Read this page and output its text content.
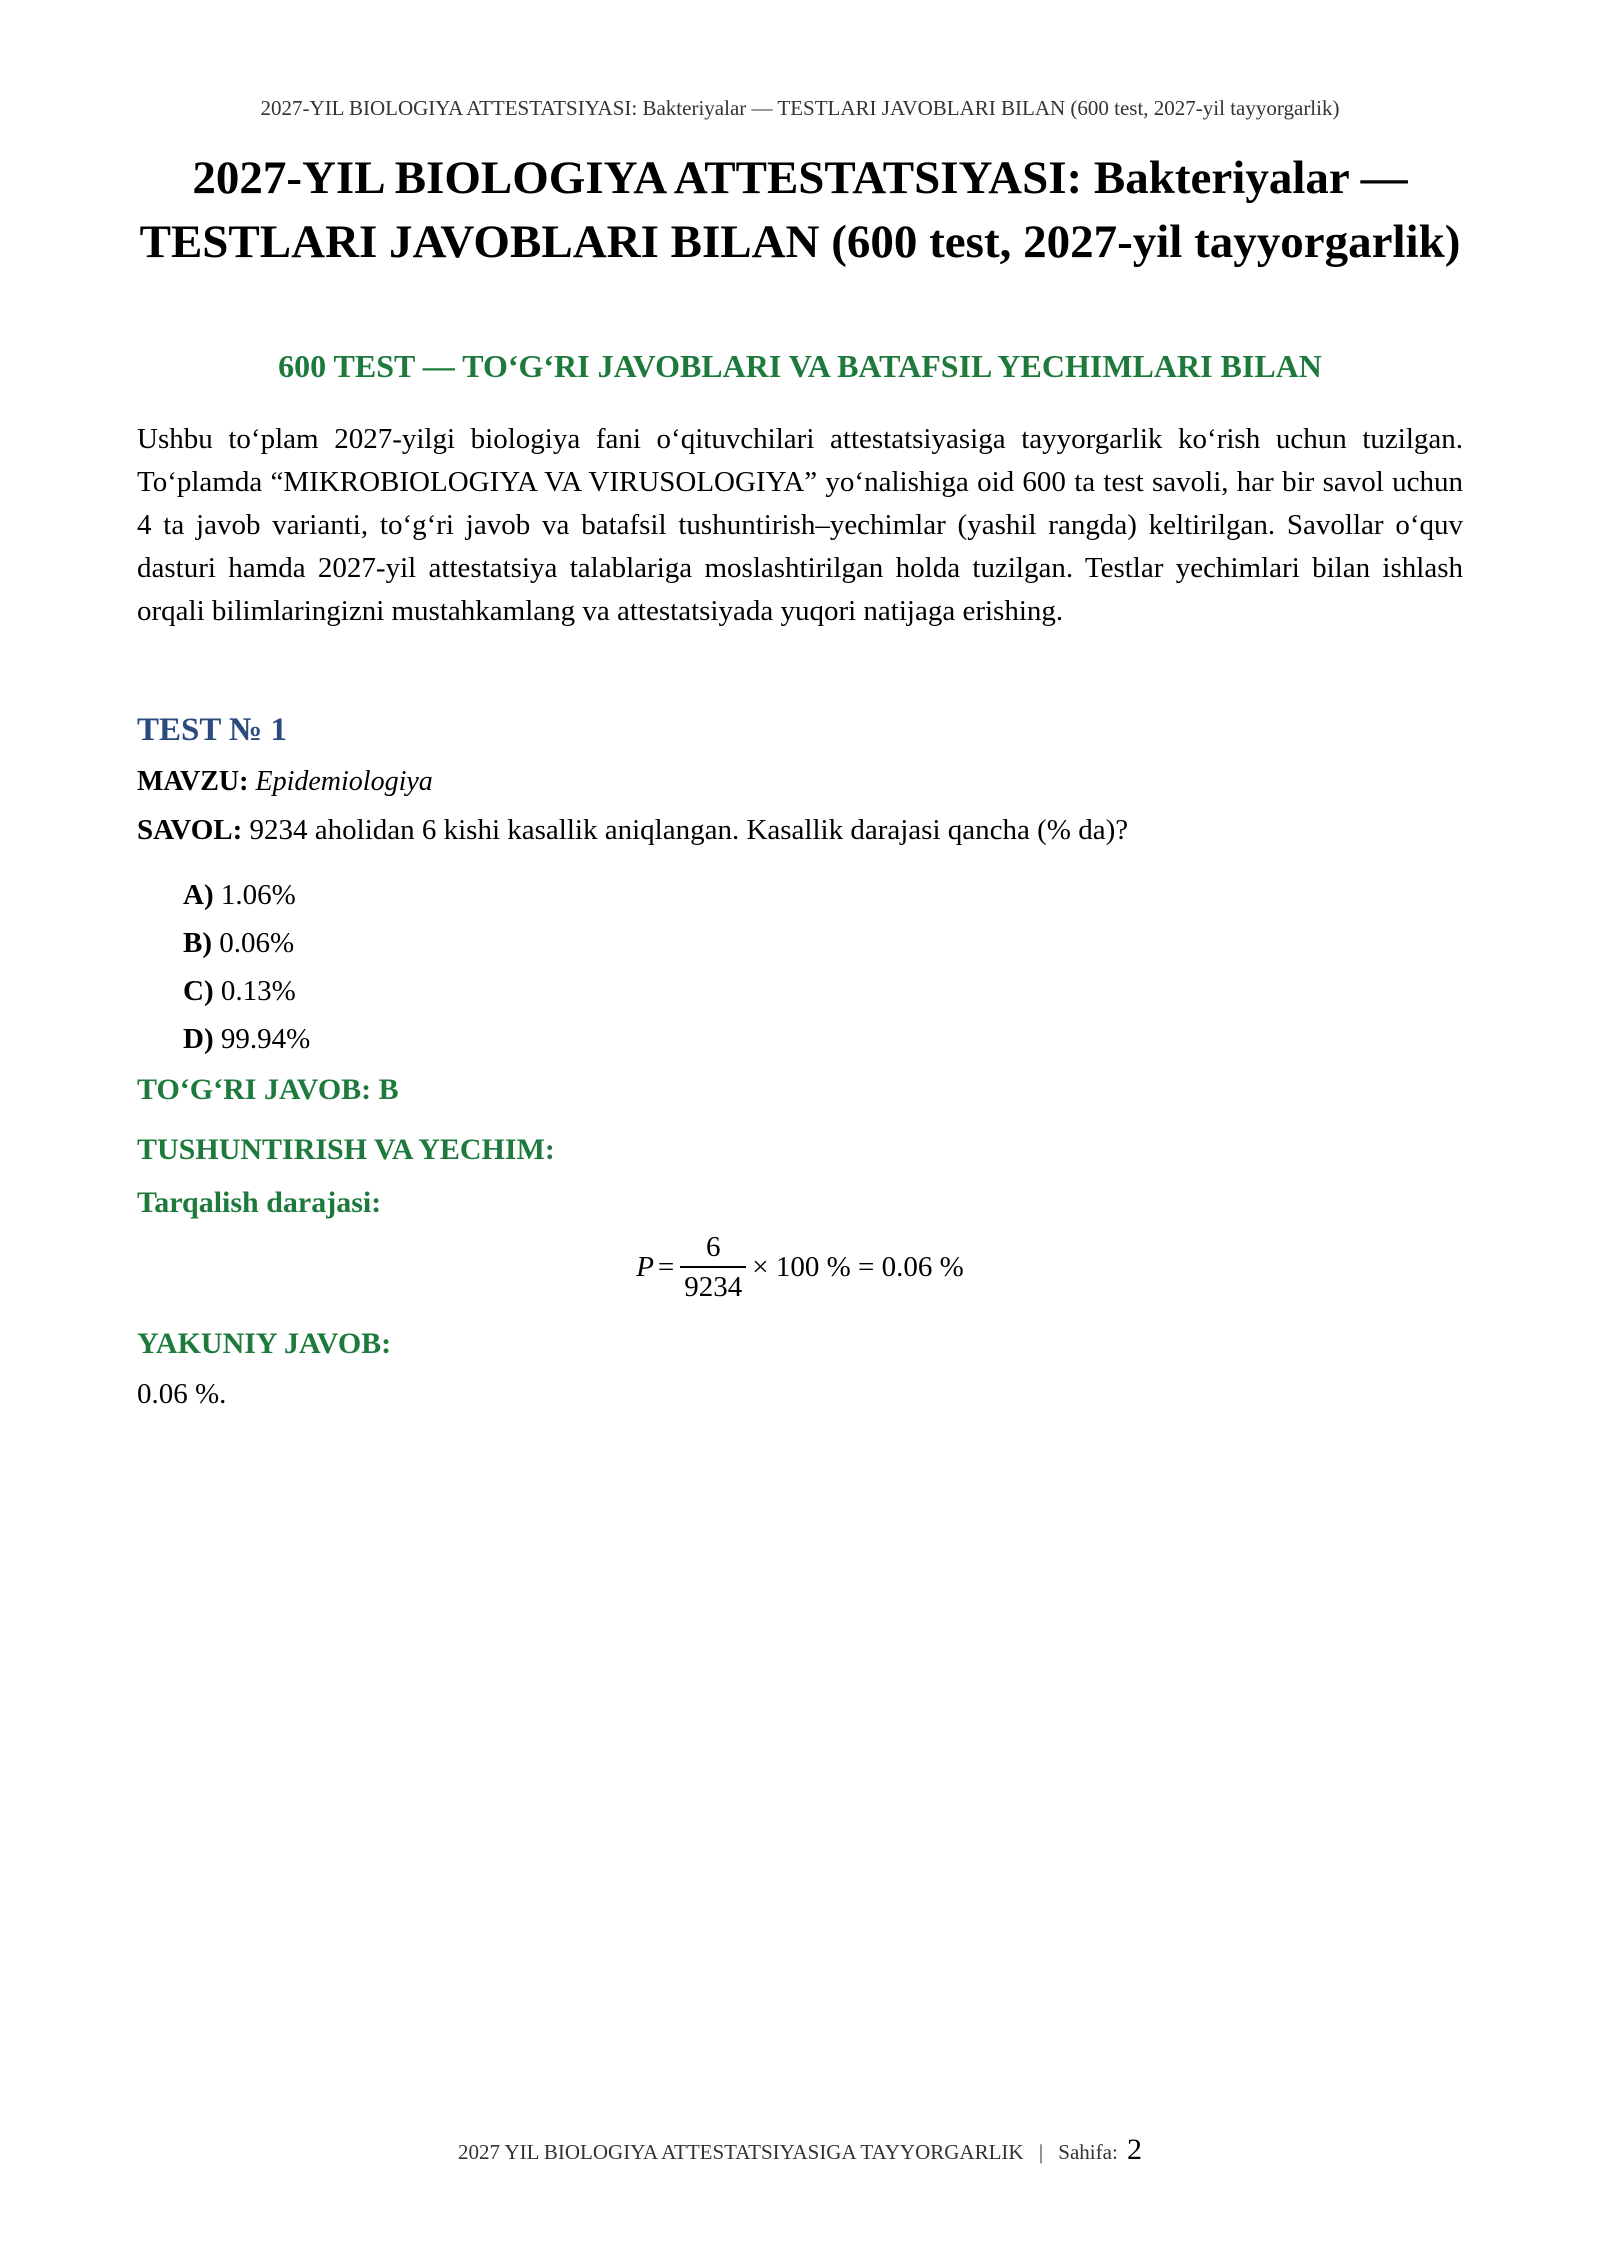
2027-YIL BIOLOGIYA ATTESTATSIYASI: Bakteriyalar — TESTLARI JAVOBLARI BILAN (600 test, 2027-yil tayyorgarlik)
2027-YIL BIOLOGIYA ATTESTATSIYASI: Bakteriyalar — TESTLARI JAVOBLARI BILAN (600 test, 2027-yil tayyorgarlik)
600 TEST — TO‘G‘RI JAVOBLARI VA BATAFSIL YECHIMLARI BILAN
Ushbu to‘plam 2027-yilgi biologiya fani o‘qituvchilari attestatsiyasiga tayyorgarlik ko‘rish uchun tuzilgan. To‘plamda “MIKROBIOLOGIYA VA VIRUSOLOGIYA” yo‘nalishiga oid 600 ta test savoli, har bir savol uchun 4 ta javob varianti, to‘g‘ri javob va batafsil tushuntirish–yechimlar (yashil rangda) keltirilgan. Savollar o‘quv dasturi hamda 2027-yil attestatsiya talablariga moslashtirilgan holda tuzilgan. Testlar yechimlari bilan ishlash orqali bilimlaringizni mustahkamlang va attestatsiyada yuqori natijaga erishing.
TEST № 1
MAVZU: Epidemiologiya
SAVOL: 9234 aholidan 6 kishi kasallik aniqlangan. Kasallik darajasi qancha (% da)?
A) 1.06%
B) 0.06%
C) 0.13%
D) 99.94%
TO‘G‘RI JAVOB: B
TUSHUNTIRISH VA YECHIM:
Tarqalish darajasi:
$P = \frac{6}{9234} \times 100$ % = 0.06 %
YAKUNIY JAVOB:
0.06 %.
2027 YIL BIOLOGIYA ATTESTATSIYASIGA TAYYORGARLIK | Sahifa: 2
